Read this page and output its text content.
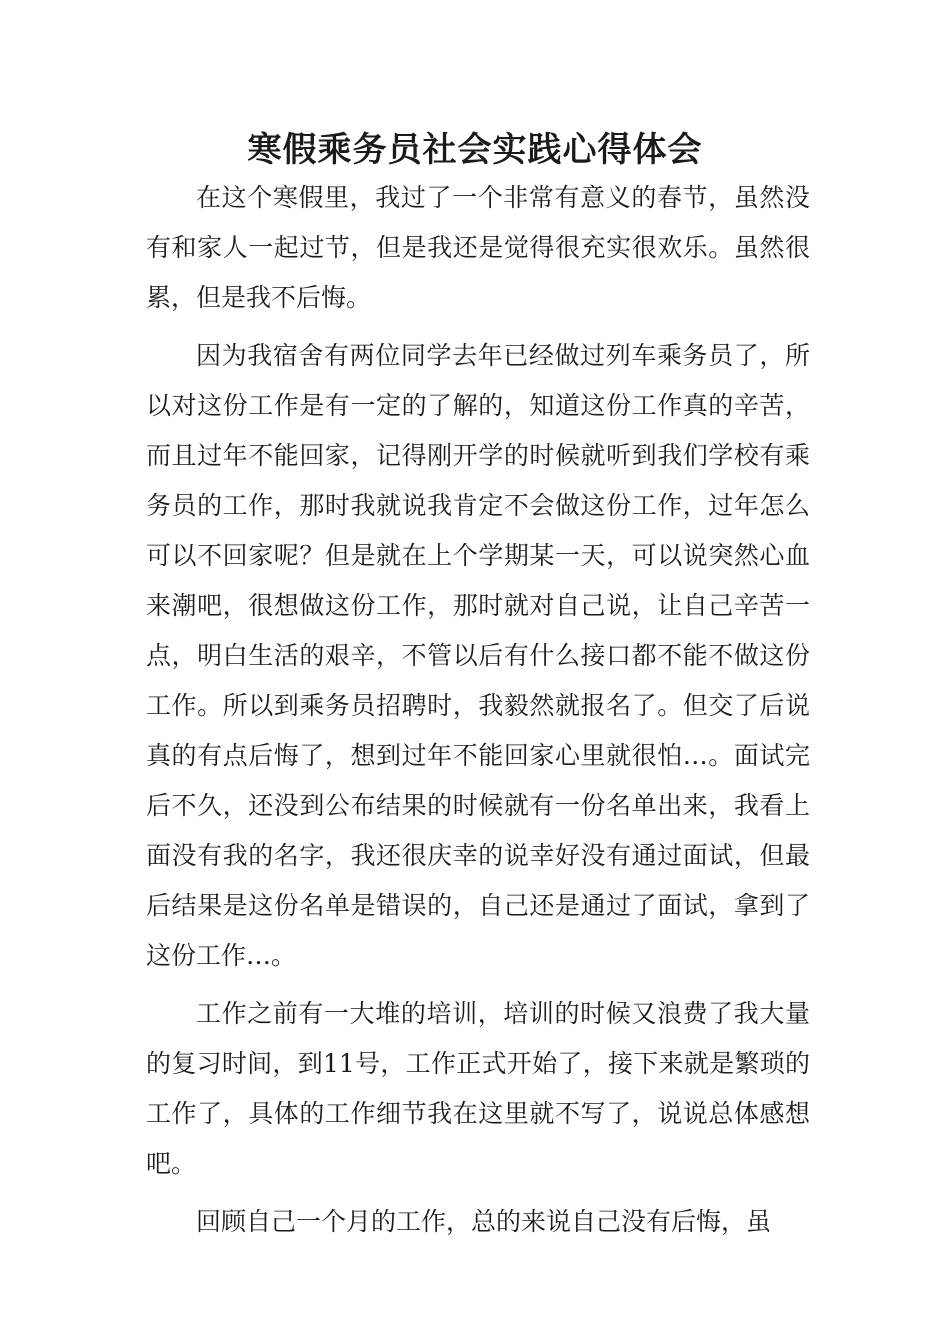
寒假乘务员社会实践心得体会

在这个寒假里，我过了一个非常有意义的春节，虽然没有和家人一起过节，但是我还是觉得很充实很欢乐。虽然很累，但是我不后悔。

因为我宿舍有两位同学去年已经做过列车乘务员了，所以对这份工作是有一定的了解的，知道这份工作真的辛苦，而且过年不能回家，记得刚开学的时候就听到我们学校有乘务员的工作，那时我就说我肯定不会做这份工作，过年怎么可以不回家呢？但是就在上个学期某一天，可以说突然心血来潮吧，很想做这份工作，那时就对自己说，让自己辛苦一点，明白生活的艰辛，不管以后有什么接口都不能不做这份工作。所以到乘务员招聘时，我毅然就报名了。但交了后说真的有点后悔了，想到过年不能回家心里就很怕…。面试完后不久，还没到公布结果的时候就有一份名单出来，我看上面没有我的名字，我还很庆幸的说幸好没有通过面试，但最后结果是这份名单是错误的，自己还是通过了面试，拿到了这份工作…。

工作之前有一大堆的培训，培训的时候又浪费了我大量的复习时间，到11号，工作正式开始了，接下来就是繁琐的工作了，具体的工作细节我在这里就不写了，说说总体感想吧。

回顾自己一个月的工作，总的来说自己没有后悔，虽
